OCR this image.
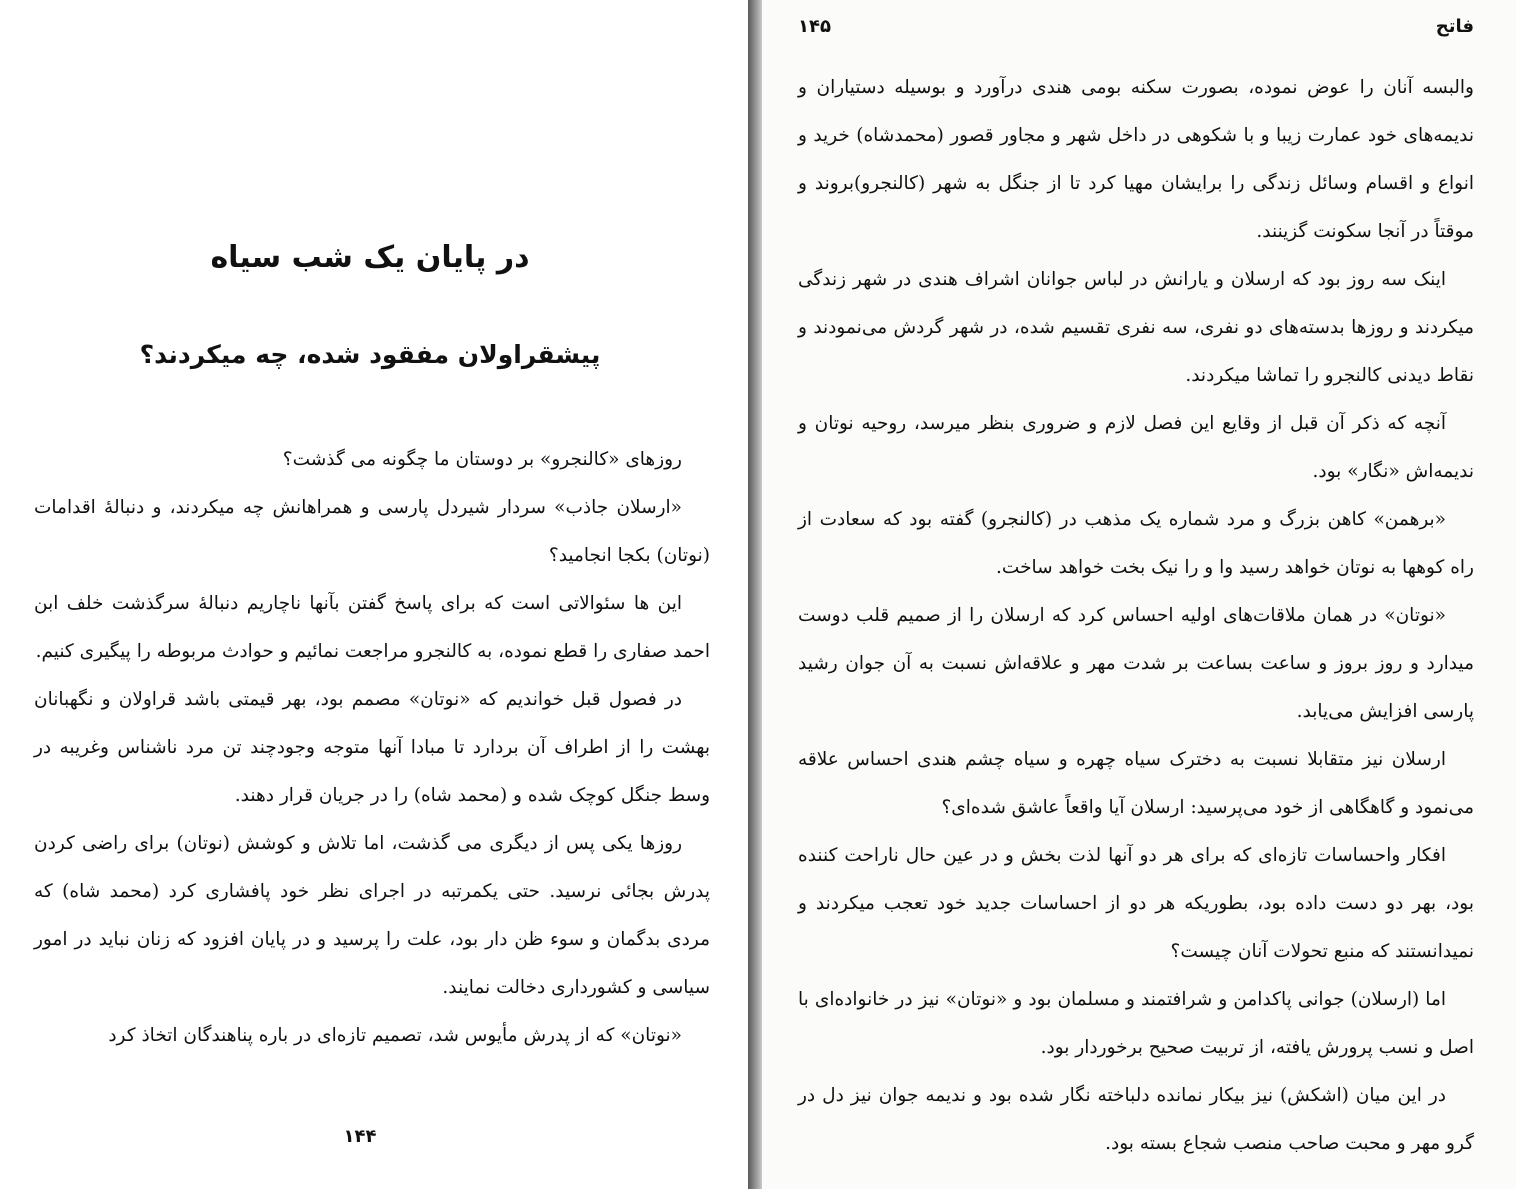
در پایان یک شب سیاه
پیشقراولان مفقود شده، چه میکردند؟

روزهای «کالنجرو» بر دوستان ما چگونه می گذشت؟

«ارسلان جاذب» سردار شیردل پارسی و همراهانش چه میکردند، و دنبالهٔ اقدامات (نوتان) بکجا انجامید؟

این ها سئوالاتی است که برای پاسخ گفتن بآنها ناچاریم دنبالهٔ سرگذشت خلف ابن احمد صفاری را قطع نموده، به کالنجرو مراجعت نمائیم و حوادث مربوطه را پیگیری کنیم.

در فصول قبل خواندیم که «نوتان» مصمم بود، بهر قیمتی باشد قراولان و نگهبانان بهشت را از اطراف آن بردارد تا مبادا آنها متوجه وجودچند تن مرد ناشناس وغریبه در وسط جنگل کوچک شده و (محمد شاه) را در جریان قرار دهند.

روزها یکی پس از دیگری می گذشت، اما تلاش و کوشش (نوتان) برای راضی کردن پدرش بجائی نرسید. حتی یکمرتبه در اجرای نظر خود پافشاری کرد (محمد شاه) که مردی بدگمان و سوء ظن دار بود، علت را پرسید و در پایان افزود که زنان نباید در امور سیاسی و کشورداری دخالت نمایند.

«نوتان» که از پدرش مأیوس شد، تصمیم تازه‌ای در باره پناهندگان اتخاذ کرد

۱۴۴
فاتح
۱۴۵

والبسه آنان را عوض نموده، بصورت سکنه بومی هندی درآورد و بوسیله دستیاران و ندیمه‌های خود عمارت زیبا و با شکوهی در داخل شهر و مجاور قصور (محمدشاه) خرید و انواع و اقسام وسائل زندگی را برایشان مهیا کرد تا از جنگل به شهر (کالنجرو)بروند و موقتاً در آنجا سکونت گزینند.

اینک سه روز بود که ارسلان و یارانش در لباس جوانان اشراف هندی در شهر زندگی میکردند و روزها بدسته‌های دو نفری، سه نفری تقسیم شده، در شهر گردش می‌نمودند و نقاط دیدنی کالنجرو را تماشا میکردند.

آنچه که ذکر آن قبل از وقایع این فصل لازم و ضروری بنظر میرسد، روحیه نوتان و ندیمه‌اش «نگار» بود.

«برهمن» کاهن بزرگ و مرد شماره یک مذهب در (کالنجرو) گفته بود که سعادت از راه کوهها به نوتان خواهد رسید وا و را نیک بخت خواهد ساخت.

«نوتان» در همان ملاقات‌های اولیه احساس کرد که ارسلان را از صمیم قلب دوست میدارد و روز بروز و ساعت بساعت بر شدت مهر و علاقه‌اش نسبت به آن جوان رشید پارسی افزایش می‌یابد.

ارسلان نیز متقابلا نسبت به دخترک سیاه چهره و سیاه چشم هندی احساس علاقه می‌نمود و گاهگاهی از خود می‌پرسید: ارسلان آیا واقعاً عاشق شده‌ای؟

افکار واحساسات تازه‌ای که برای هر دو آنها لذت بخش و در عین حال ناراحت کننده بود، بهر دو دست داده بود، بطوریکه هر دو از احساسات جدید خود تعجب میکردند و نمیدانستند که منبع تحولات آنان چیست؟

اما (ارسلان) جوانی پاکدامن و شرافتمند و مسلمان بود و «نوتان» نیز در خانواده‌ای با اصل و نسب پرورش یافته، از تربیت صحیح برخوردار بود.

در این میان (اشکش) نیز بیکار نمانده دلباخته نگار شده بود و ندیمه جوان نیز دل در گرو مهر و محبت صاحب منصب شجاع بسته بود.
